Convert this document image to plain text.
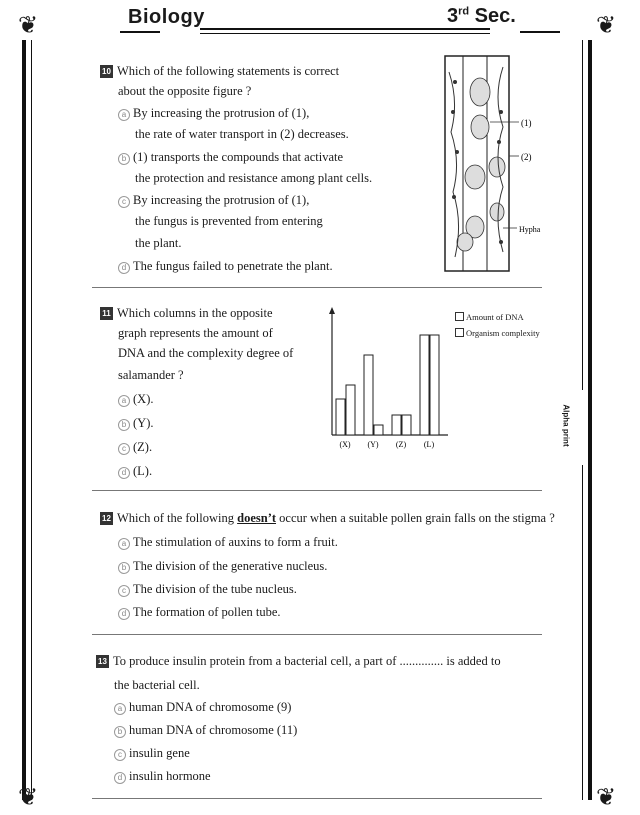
❦	❦
❦	❦
Biology	3rd Sec.
10 Which of the following statements is correct
about the opposite figure ?
a By increasing the protrusion of (1),
the rate of water transport in (2) decreases.
b (1) transports the compounds that activate
the protection and resistance among plant cells.
c By increasing the protrusion of (1),
the fungus is prevented from entering
the plant.
d The fungus failed to penetrate the plant.
(1)
(2)
Hypha
11 Which columns in the opposite
graph represents the amount of
DNA and the complexity degree of
salamander ?
a (X).
b (Y).
c (Z).
d (L).
(X) (Y) (Z) (L)
Amount of DNA
Organism complexity
Alpha print
12 Which of the following doesn’t occur when a suitable pollen grain falls on the stigma ?
a The stimulation of auxins to form a fruit.
b The division of the generative nucleus.
c The division of the tube nucleus.
d The formation of pollen tube.
13 To produce insulin protein from a bacterial cell, a part of .............. is added to
the bacterial cell.
a human DNA of chromosome (9)
b human DNA of chromosome (11)
c insulin gene
d insulin hormone
